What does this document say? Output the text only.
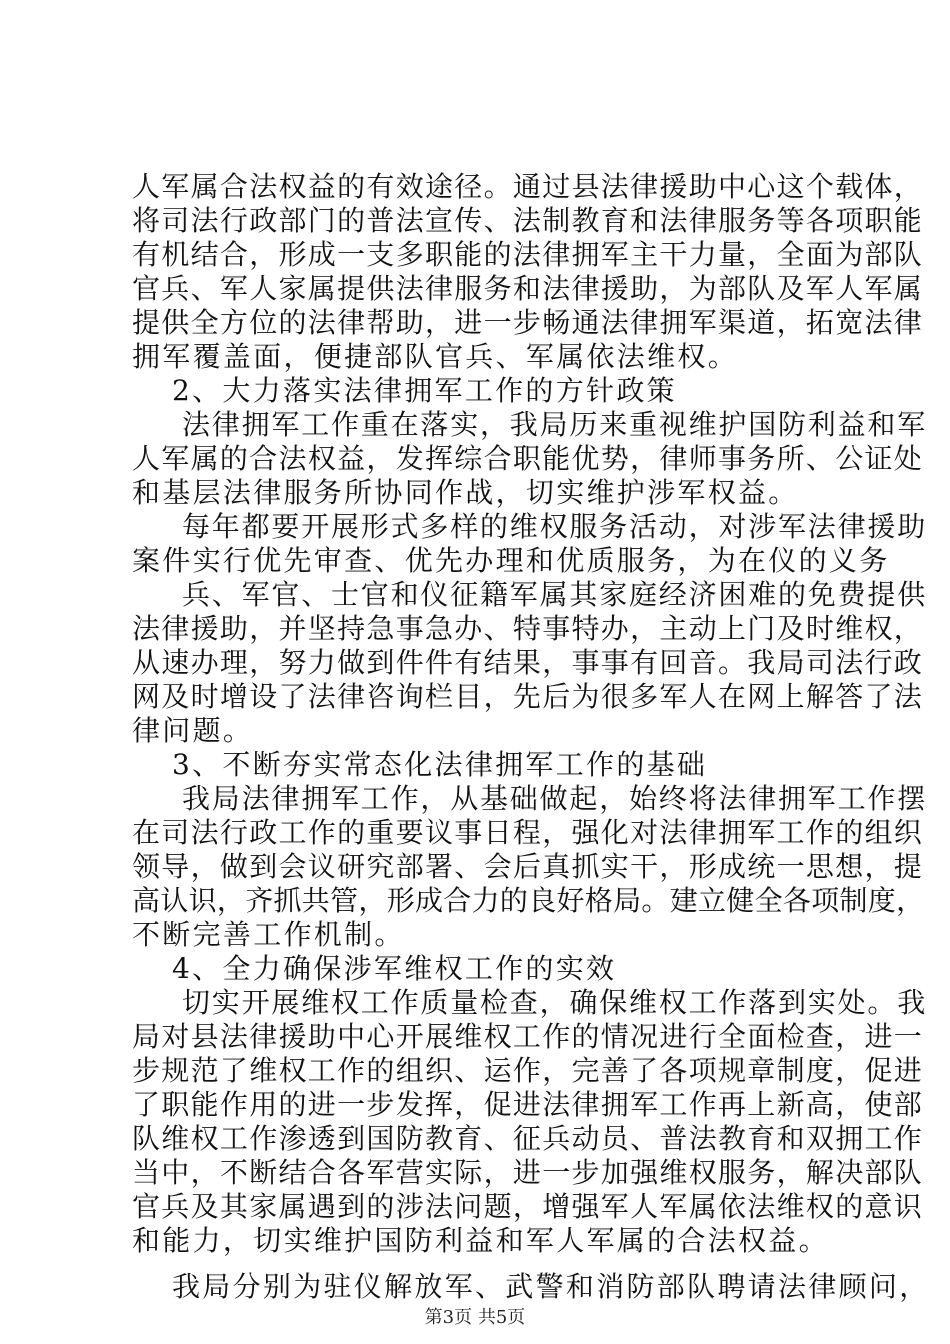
人军属合法权益的有效途径。通过县法律援助中心这个载体，
将司法行政部门的普法宣传、法制教育和法律服务等各项职能
有机结合，形成一支多职能的法律拥军主干力量，全面为部队
官兵、军人家属提供法律服务和法律援助，为部队及军人军属
提供全方位的法律帮助，进一步畅通法律拥军渠道，拓宽法律
拥军覆盖面，便捷部队官兵、军属依法维权。
2、大力落实法律拥军工作的方针政策
法律拥军工作重在落实，我局历来重视维护国防利益和军
人军属的合法权益，发挥综合职能优势，律师事务所、公证处
和基层法律服务所协同作战，切实维护涉军权益。
每年都要开展形式多样的维权服务活动，对涉军法律援助
案件实行优先审查、优先办理和优质服务，为在仪的义务
兵、军官、士官和仪征籍军属其家庭经济困难的免费提供
法律援助，并坚持急事急办、特事特办，主动上门及时维权，
从速办理，努力做到件件有结果，事事有回音。我局司法行政
网及时增设了法律咨询栏目，先后为很多军人在网上解答了法
律问题。
3、不断夯实常态化法律拥军工作的基础
我局法律拥军工作，从基础做起，始终将法律拥军工作摆
在司法行政工作的重要议事日程，强化对法律拥军工作的组织
领导，做到会议研究部署、会后真抓实干，形成统一思想，提
高认识，齐抓共管，形成合力的良好格局。建立健全各项制度，
不断完善工作机制。
4、全力确保涉军维权工作的实效
切实开展维权工作质量检查，确保维权工作落到实处。我
局对县法律援助中心开展维权工作的情况进行全面检查，进一
步规范了维权工作的组织、运作，完善了各项规章制度，促进
了职能作用的进一步发挥，促进法律拥军工作再上新高，使部
队维权工作渗透到国防教育、征兵动员、普法教育和双拥工作
当中，不断结合各军营实际，进一步加强维权服务，解决部队
官兵及其家属遇到的涉法问题，增强军人军属依法维权的意识
和能力，切实维护国防利益和军人军属的合法权益。
我局分别为驻仪解放军、武警和消防部队聘请法律顾问，
第3页 共5页
